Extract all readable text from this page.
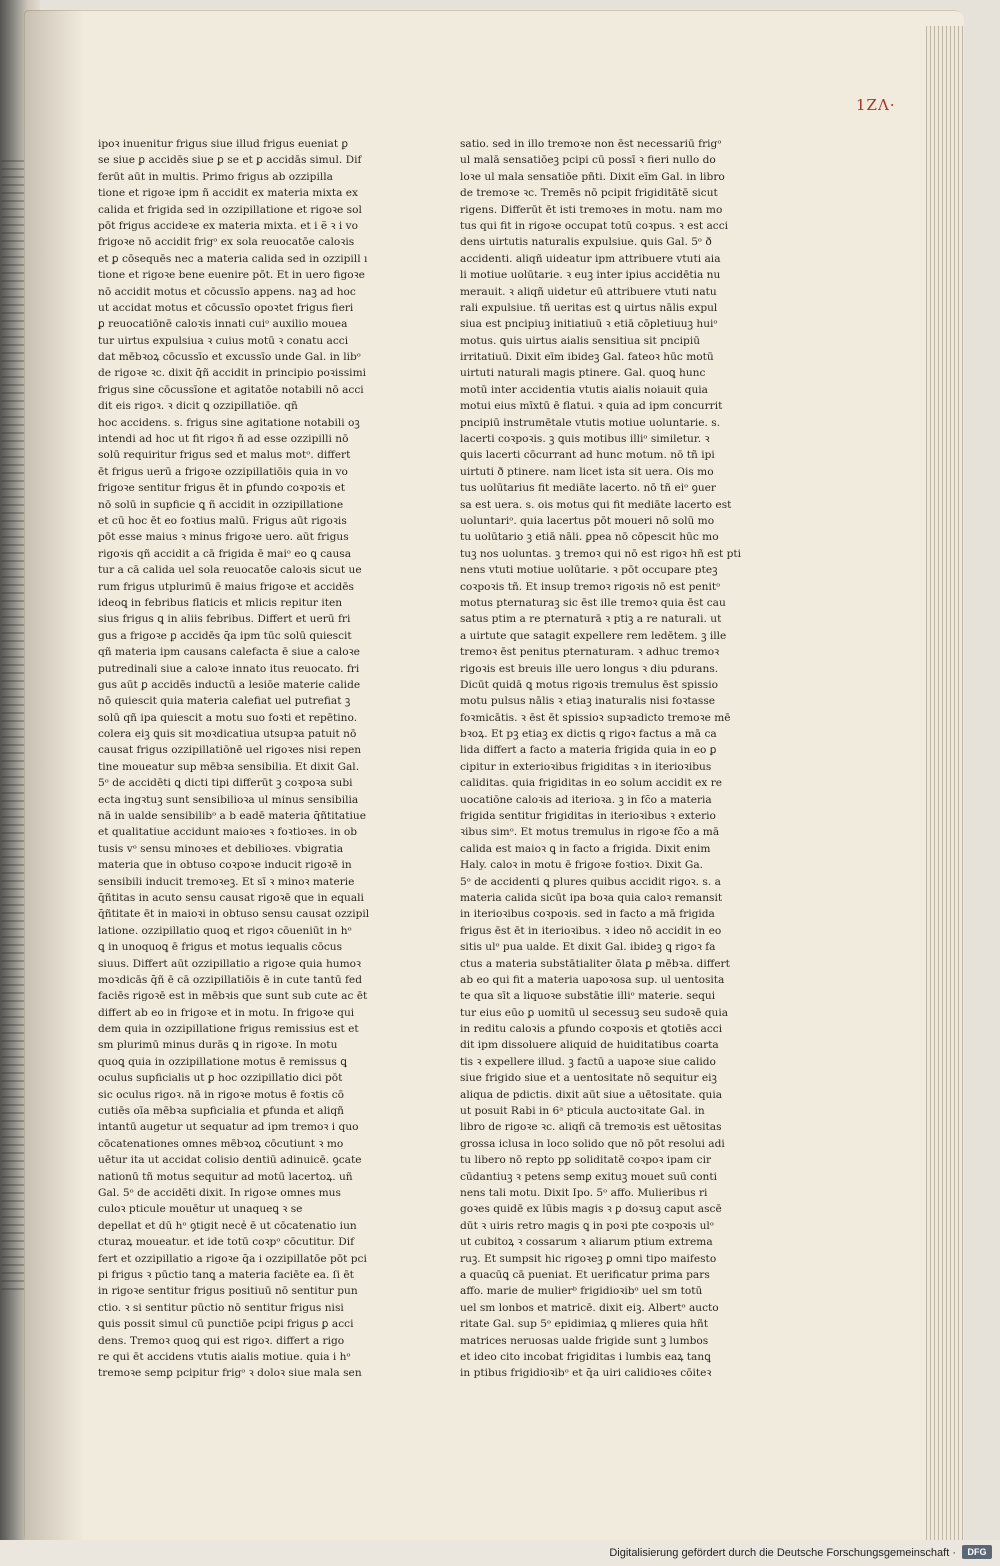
1ZΛ·
ipoꝛ inuenitur frigus siue illud frigus eueniat ꝑ
se siue ꝑ accidēs siue ꝑ se et ꝑ accidās simul. Dif
ferūt aūt in multis. Primo frigus ab ozzipilla
tione et rigoꝛe ipm ñ accidit ex materia mixta ex
calida et frigida sed in ozzipillatione et rigoꝛe sol
pōt frigus accideꝛe ex materia mixta. et i ẽ ꝛ i vo
frigoꝛe nō accidit frigᵒ ex sola reuocatōe caloꝛis
et ꝑ cōsequēs nec a materia calida sed in ozzipill ı
tione et rigoꝛe bene euenire pōt. Et in uero figoꝛe
nō accidit motus et cōcussīo appens. naꝫ ad hoc
ut accidat motus et cōcussīo opoꝛtet frigus fieri
ꝑ reuocatiōnē caloꝛis innati cuiᵒ auxilio mouea
tur uirtus expulsiua ꝛ cuius motū ꝛ conatu acci
dat mēbꝛoꝝ cōcussīo et excussīo unde Gal. in libᵒ
de rigoꝛe ꝛc. dixit q̄ñ accidit in principio poꝛissimi
frigus sine cōcussīone et agitatōe notabili nō acci
dit eis rigoꝛ. ꝛ dicit ꝗ ozzipillatiōe. qñ
hoc accidens. s. frigus sine agitatione notabili oꝫ
intendi ad hoc ut fit rigoꝛ ñ ad esse ozzipilli nō
solū requiritur frigus sed et malus motᵒ. differt
ēt frigus uerū a frigoꝛe ozzipillatiōis quia in vo
frigoꝛe sentitur frigus ēt in ꝑfundo coꝛpoꝛis et
nō solū in supficie ꝗ ñ accidit in ozzipillatione
et cū hoc ēt eo foꝛtius malū. Frigus aūt rigoꝛis
pōt esse maius ꝛ minus frigoꝛe uero. aūt frigus
rigoꝛis qñ accidit a cā frigida ē maiᵒ eo ꝗ causa
tur a cā calida uel sola reuocatōe caloꝛis sicut ue
rum frigus utplurimū ē maius frigoꝛe et accidēs
ideoꝗ in febribus flaticis et mlicis repitur iten
sius frigus ꝗ in aliis febribus. Differt et uerū fri
gus a frigoꝛe ꝑ accidēs q̄a ipm tūc solū quiescit
qñ materia ipm causans calefacta ē siue a caloꝛe
putredinali siue a caloꝛe innato itus reuocato. fri
gus aūt ꝑ accidēs inductū a lesiōe materie calide
nō quiescit quia materia calefiat uel putrefiat ꝫ
solū qñ ipa quiescit a motu suo foꝛti et repētino.
colera eiꝫ ꝗuis sit moꝛdicatiua utsupꝛa patuit nō
causat frigus ozzipillatiōnē uel rigoꝛes nisi repen
tine moueatur sup mēbꝛa sensibilia. Et dixit Gal.
5ᵒ de accidēti ꝗ dicti tipi differūt ꝫ coꝛpoꝛa subi
ecta ingꝛtuꝫ sunt sensibilioꝛa ul minus sensibilia
nā in ualde sensibilibᵒ a b eadē materia q̄ñtitatiue
et qualitatiue accidunt maioꝛes ꝛ foꝛtioꝛes. in ob
tusis vᵒ sensu minoꝛes et debilioꝛes. vbigratia
materia que in obtuso coꝛpoꝛe inducit rigoꝛē in
sensibili inducit tremoꝛeꝫ. Et sī ꝛ minoꝛ materie
q̄ñtitas in acuto sensu causat rigoꝛē que in equali
q̄ñtitate ēt in maioꝛi in obtuso sensu causat ozzipil
latione. ozzipillatio quoꝗ et rigoꝛ cōueniūt in hᵒ
ꝗ in unoquoꝗ ē frigus et motus iequalis cōcus
siuus. Differt aūt ozzipillatio a rigoꝛe quia humoꝛ
moꝛdicās q̄ñ ē cā ozzipillatiōis ē in cute tantū fed
faciēs rigoꝛē est in mēbꝛis que sunt sub cute ac ēt
differt ab eo in frigoꝛe et in motu. In frigoꝛe qui
dem quia in ozzipillatione frigus remissius est et
sm plurimū minus durās ꝗ in rigoꝛe. In motu
quoꝗ quia in ozzipillatione motus ē remissus ꝗ
oculus supficialis ut ꝑ hoc ozzipillatio dici pōt
sic oculus rigoꝛ. nā in rigoꝛe motus ē foꝛtis cō
cutiēs oīa mēbꝛa supficialia et ꝑfunda et aliqñ
intantū augetur ut sequatur ad ipm tremoꝛ i quo
cōcatenationes omnes mēbꝛoꝝ cōcutiunt ꝛ mo
uētur ita ut accidat colisio dentiū adinuicē. ꝯcate
nationū tñ motus sequitur ad motū lacertoꝝ. uñ
Gal. 5ᵒ de accidēti dixit. In rigoꝛe omnes mus
culoꝛ pticule mouētur ut unaqueꝗ ꝛ se
depellat et dū hᵒ ꝯtigit neceᷤ ē ut cōcatenatio iun
cturaꝝ moueatur. et ide totū coꝛpᵒ cōcutitur. Dif
fert et ozzipillatio a rigoꝛe q̄a i ozzipillatōe pōt pci
pi frigus ꝛ pūctio tanꝗ a materia faciēte ea. ſi ēt
in rigoꝛe sentitur frigus positiuū nō sentitur pun
ctio. ꝛ si sentitur pūctio nō sentitur frigus nisi
ꝗuis possit simul cū punctiōe pcipi frigus ꝑ acci
dens. Tremoꝛ quoꝗ qui est rigoꝛ. differt a rigo
re qui ēt accidens vtutis aialis motiue. quia i hᵒ
tremoꝛe semꝑ pcipitur frigᵒ ꝛ doloꝛ siue mala sen
satio. sed in illo tremoꝛe non ēst necessariū frigᵒ
ul malā sensatiōeꝫ pcipi cū possī ꝛ fieri nullo do
loꝛe ul mala sensatiōe pñti. Dixit eīm Gal. in libro
de tremoꝛe ꝛc. Tremēs nō pcipit frigiditātē sicut
rigens. Differūt ēt isti tremoꝛes in motu. nam mo
tus qui fit in rigoꝛe occupat totū coꝛpus. ꝛ est acci
dens uirtutis naturalis expulsiue. ꝗuis Gal. 5ᵒ ð
accidenti. aliqñ uideatur ipm attribuere vtuti aia
li motiue uolūtarie. ꝛ euꝫ inter ipius accidētia nu
merauit. ꝛ aliqñ uidetur eū attribuere vtuti natu
rali expulsiue. tñ ueritas est ꝗ uirtus nālis expul
siua est pncipiuꝫ initiatiuū ꝛ etiā cōpletiuuꝫ huiᵒ
motus. ꝗuis uirtus aialis sensitiua sit pncipiū
irritatiuū. Dixit eīm ibideꝫ Gal. fateoꝛ hūc motū
uirtuti naturali magis ptinere. Gal. quoꝗ hunc
motū inter accidentia vtutis aialis noiauit quia
motui eius mīxtū ē flatui. ꝛ quia ad ipm concurrit
pncipiū instrumētale vtutis motiue uoluntarie. s.
lacerti coꝛpoꝛis. ꝫ ꝗuis motibus illiᵒ similetur. ꝛ
ꝗuis lacerti cōcurrant ad hunc motum. nō tñ ipi
uirtuti ð ptinere. nam licet ista sit uera. Ois mo
tus uolūtarius fit mediāte lacerto. nō tñ eiᵒ ꝯuer
sa est uera. s. ois motus qui fit mediāte lacerto est
uoluntariᵒ. quia lacertus pōt moueri nō solū mo
tu uolūtario ꝫ etiā nāli. ꝑpea nō cōpescit hūc mo
tuꝫ nos uoluntas. ꝫ tremoꝛ qui nō est rigoꝛ hñ est pti
nens vtuti motiue uolūtarie. ꝛ pōt occupare pteꝫ
coꝛpoꝛis tñ. Et insup tremoꝛ rigoꝛis nō est penitᵒ
motus pternaturaꝫ sic ēst ille tremoꝛ quia ēst cau
satus ptim a re pternaturā ꝛ ptiꝫ a re naturali. ut
a uirtute que satagit expellere rem ledētem. ꝫ ille
tremoꝛ ēst penitus pternaturam. ꝛ adhuc tremoꝛ
rigoꝛis est breuis ille uero longus ꝛ diu pdurans.
Dicūt quidā ꝗ motus rigoꝛis tremulus ēst spissio
motu pulsus nālis ꝛ etiaꝫ inaturalis nisi foꝛtasse
foꝛmicātis. ꝛ ēst ēt spissioꝛ supꝛadicto tremoꝛe mē
bꝛoꝝ. Et pꝫ etiaꝫ ex dictis ꝗ rigoꝛ factus a mā ca
lida differt a facto a materia frigida quia in eo ꝑ
cipitur in exterioꝛibus frigiditas ꝛ in iterioꝛibus
caliditas. quia frigiditas in eo solum accidit ex re
uocatiōne caloꝛis ad iterioꝛa. ꝫ in fc̄o a materia
frigida sentitur frigiditas in iterioꝛibus ꝛ exterio
ꝛibus simᵒ. Et motus tremulus in rigoꝛe fc̄o a mā
calida est maioꝛ ꝗ in facto a frigida. Dixit enim
Haly. caloꝛ in motu ē frigoꝛe foꝛtioꝛ. Dixit Ga.
5ᵒ de accidenti ꝗ plures quibus accidit rigoꝛ. s. a
materia calida sicūt ipa boꝛa quia caloꝛ remansit
in iterioꝛibus coꝛpoꝛis. sed in facto a mā frigida
frigus ēst ēt in iterioꝛibus. ꝛ ideo nō accidit in eo
sitis ulᵒ pua ualde. Et dixit Gal. ibideꝫ ꝗ rigoꝛ fa
ctus a materia substātialiter ōlata ꝑ mēbꝛa. differt
ab eo qui fit a materia uapoꝛosa sup. ul uentosita
te qua sīt a liquoꝛe substātie illiᵒ materie. sequi
tur eius eūo ꝑ uomitū ul secessuꝫ seu sudoꝛē quia
in reditu caloꝛis a ꝑfundo coꝛpoꝛis et ꝗtotiēs acci
dit ipm dissoluere aliquid de huiditatibus coarta
tis ꝛ expellere illud. ꝫ factū a uapoꝛe siue calido
siue frigido siue et a uentositate nō sequitur eiꝫ
aliqua de pdictis. dixit aūt siue a uētositate. quia
ut posuit Rabi in 6ᵃ pticula auctoꝛitate Gal. in
libro de rigoꝛe ꝛc. aliqñ cā tremoꝛis est uētositas
grossa iclusa in loco solido que nō pōt resolui adi
tu libero nō repto pꝑ soliditatē coꝛpoꝛ ipam cir
cūdantiuꝫ ꝛ petens semꝑ exituꝫ mouet suū conti
nens tali motu. Dixit Ipo. 5ᵒ affo. Mulieribus ri
goꝛes quidē ex lūbis magis ꝛ ꝑ doꝛsuꝫ caput ascē
dūt ꝛ uiris retro magis ꝗ in poꝛi pte coꝛpoꝛis ulᵒ
ut cubitoꝝ ꝛ cossarum ꝛ aliarum ptium extrema
ruꝫ. Et sumpsit hic rigoꝛeꝫ ꝑ omni tipo maifesto
a quacūꝗ cā pueniat. Et uerificatur prima pars
affo. marie de mulierᵇ frigidioꝛibᵒ uel sm totū
uel sm lonbos et matricē. dixit eiꝫ. Albertᵒ aucto
ritate Gal. sup 5ᵒ epidimiaꝝ ꝗ mlieres quia hñt
matrices neruosas ualde frigide sunt ꝫ lumbos
et ideo cito incobat frigiditas i lumbis eaꝝ tanꝗ
in ptibus frigidioꝛibᵒ et q̄a uiri calidioꝛes cōiteꝛ
Digitalisierung gefördert durch die Deutsche Forschungsgemeinschaft ·	DFG
